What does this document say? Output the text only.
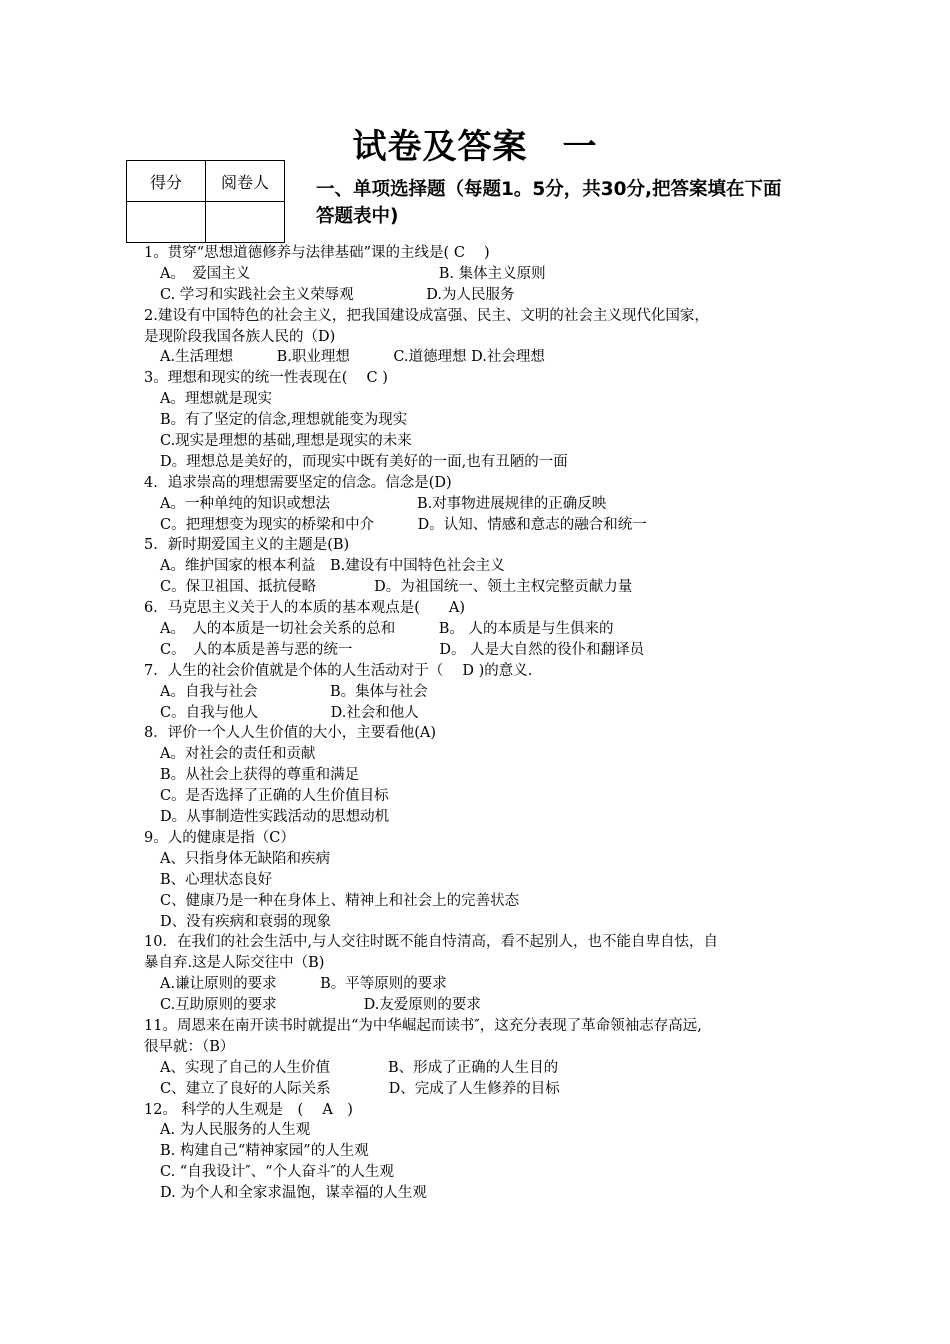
试卷及答案　一
得分	阅卷人
		一、单项选择题（每题1。5分，共30分,把答案填在下面答题表中)
1。贯穿“思想道德修养与法律基础”课的主线是( C　 )
A。　爱国主义　　　　　　　　　　　　　B. 集体主义原则
C. 学习和实践社会主义荣辱观　　　　　D.为人民服务
2.建设有中国特色的社会主义，把我国建设成富强、民主、文明的社会主义现代化国家，
是现阶段我国各族人民的（D)
A.生活理想　　　B.职业理想　　　C.道德理想 D.社会理想
3。理想和现实的统一性表现在(　 C )
A。理想就是现实
B。有了坚定的信念,理想就能变为现实
C.现实是理想的基础,理想是现实的未来
D。理想总是美好的，而现实中既有美好的一面,也有丑陋的一面
4．追求崇高的理想需要坚定的信念。信念是(D)
A。一种单纯的知识或想法　　　　　　B.对事物进展规律的正确反映
C。把理想变为现实的桥梁和中介　　　D。认知、情感和意志的融合和统一
5．新时期爱国主义的主题是(B)
A。维护国家的根本利益　B.建设有中国特色社会主义
C。保卫祖国、抵抗侵略　　　　D。为祖国统一、领土主权完整贡献力量
6．马克思主义关于人的本质的基本观点是(　　A)
A。　人的本质是一切社会关系的总和　　　B。 人的本质是与生俱来的
C。　人的本质是善与恶的统一　　　　　　D。 人是大自然的役仆和翻译员
7．人生的社会价值就是个体的人生活动对于（　 D )的意义.
A。自我与社会　　　　　B。集体与社会
C。自我与他人　　　　　D.社会和他人
8．评价一个人人生价值的大小，主要看他(A)
A。对社会的责任和贡献
B。从社会上获得的尊重和满足
C。是否选择了正确的人生价值目标
D。从事制造性实践活动的思想动机
9。人的健康是指（C）
A、只指身体无缺陷和疾病
B、心理状态良好
C、健康乃是一种在身体上、精神上和社会上的完善状态
D、没有疾病和衰弱的现象
10．在我们的社会生活中,与人交往时既不能自恃清高，看不起别人，也不能自卑自怯，自
暴自弃.这是人际交往中（B)
A.谦让原则的要求　　　B。平等原则的要求
C.互助原则的要求　　　　　　D.友爱原则的要求
11。周恩来在南开读书时就提出“为中华崛起而读书″，这充分表现了革命领袖志存高远,
很早就：（B）
A、实现了自己的人生价值　　　　B、形成了正确的人生目的
C、建立了良好的人际关系　　　　D、完成了人生修养的目标
12。 科学的人生观是　(　 A　)
A. 为人民服务的人生观
B. 构建自己“精神家园”的人生观
C. “自我设计″、“个人奋斗″的人生观
D. 为个人和全家求温饱，谋幸福的人生观
